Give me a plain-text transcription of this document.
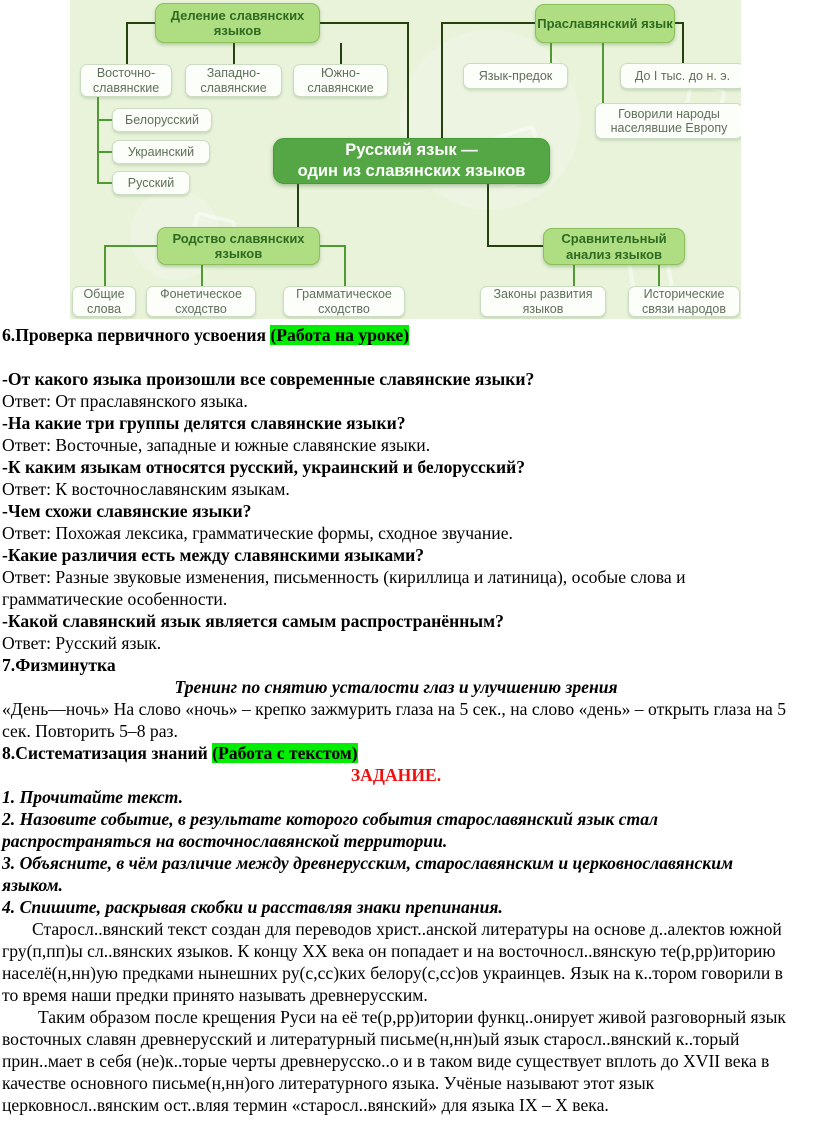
Деление славянских языков	Праславянский язык
Восточно-славянские
Западно-славянские
Южно-славянские
Язык-предок	До I тыс. до н. э.
Белорусский
Украинский
Русский
Говорили народы населявшие Европу
Русский язык —
один из славянских языков
Родство славянских языков
Сравнительный анализ языков
Общие слова
Фонетическое сходство
Грамматическое сходство
Законы развития языков
Исторические связи народов

6.Проверка первичного усвоения (Работа на уроке)

-От какого языка произошли все современные славянские языки?

Ответ: От праславянского языка.

-На какие три группы делятся славянские языки?

Ответ: Восточные, западные и южные славянские языки.

-К каким языкам относятся русский, украинский и белорусский?

Ответ: К восточнославянским языкам.

-Чем схожи славянские языки?

Ответ: Похожая лексика, грамматические формы, сходное звучание.

-Какие различия есть между славянскими языками?

Ответ: Разные звуковые изменения, письменность (кириллица и латиница), особые слова и грамматические особенности.

-Какой славянский язык является самым распространённым?

Ответ: Русский язык.

7.Физминутка

Тренинг по снятию усталости глаз и улучшению зрения

«День—ночь» На слово «ночь» – крепко зажмурить глаза на 5 сек., на слово «день» – открыть глаза на 5 сек. Повторить 5–8 раз.

8.Систематизация знаний (Работа с текстом)

ЗАДАНИЕ.

1. Прочитайте текст.

2. Назовите событие, в результате которого события старославянский язык стал распространяться на восточнославянской территории.

3. Объясните, в чём различие между древнерусским, старославянским и церковнославянским языком.

4. Спишите, раскрывая скобки и расставляя знаки препинания.

Старосл..вянский текст создан для переводов христ..анской литературы на основе д..алектов южной гру(п,пп)ы сл..вянских языков. К концу XX века он попадает и на восточносл..вянскую те(р,рр)иторию населё(н,нн)ую предками нынешних ру(с,сс)ких белору(с,сс)ов украинцев. Язык на к..тором говорили в то время наши предки принято называть древнерусским.

Таким образом после крещения Руси на её те(р,рр)итории функц..онирует живой разговорный язык восточных славян древнерусский и литературный письме(н,нн)ый язык старосл..вянский к..торый прин..мает в себя (не)к..торые черты древнерусско..о и в таком виде существует вплоть до XVII века в качестве основного письме(н,нн)ого литературного языка. Учёные называют этот язык церковносл..вянским ост..вляя термин «старосл..вянский» для языка IX – X века.
